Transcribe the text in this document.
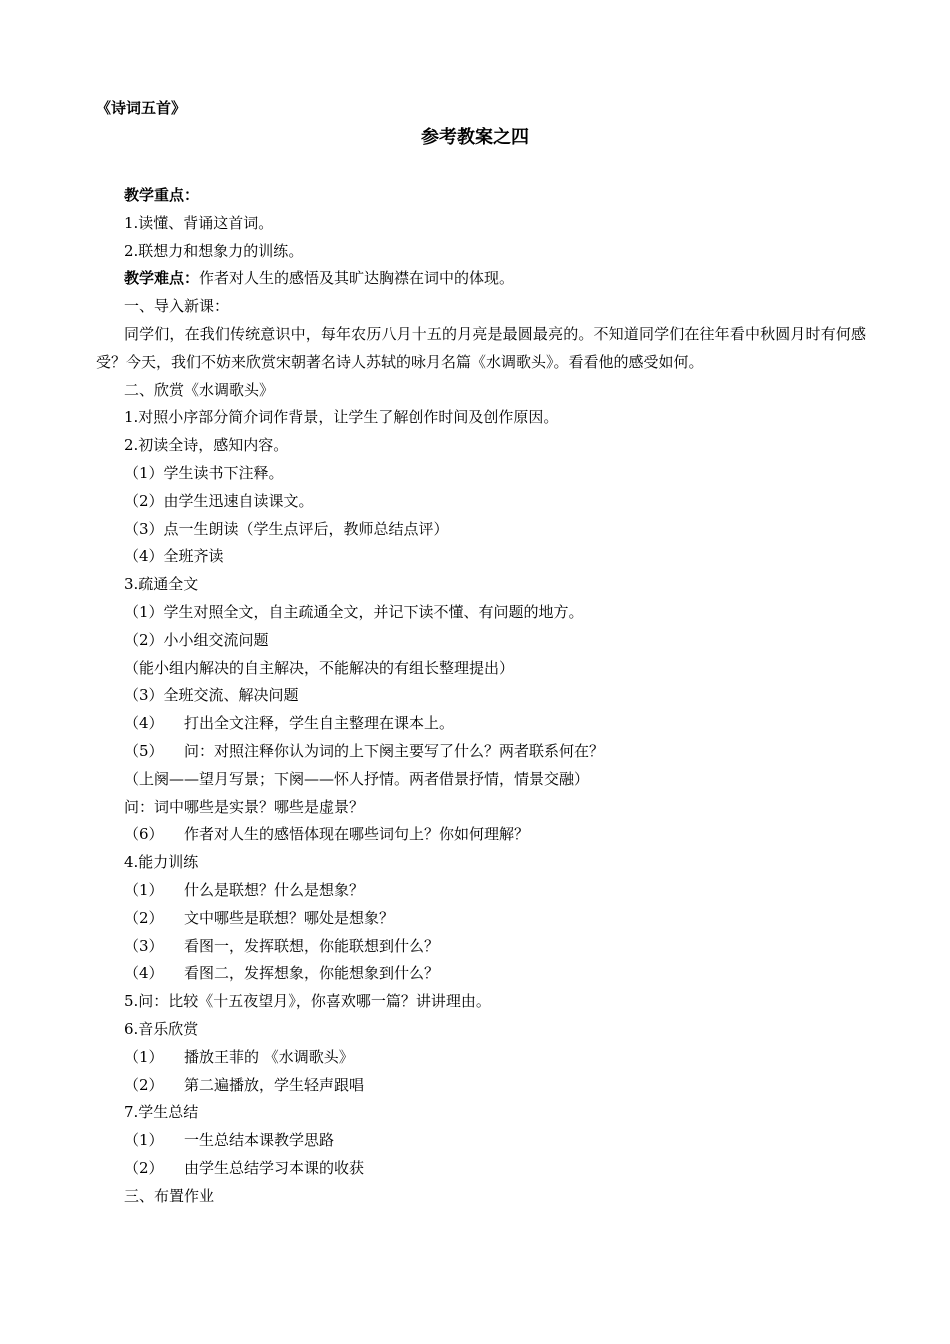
《诗词五首》
参考教案之四
教学重点：
1.读懂、背诵这首词。
2.联想力和想象力的训练。
教学难点：作者对人生的感悟及其旷达胸襟在词中的体现。
一、导入新课：
同学们，在我们传统意识中，每年农历八月十五的月亮是最圆最亮的。不知道同学们在往年看中秋圆月时有何感受？今天，我们不妨来欣赏宋朝著名诗人苏轼的咏月名篇《水调歌头》。看看他的感受如何。
二、欣赏《水调歌头》
1.对照小序部分简介词作背景，让学生了解创作时间及创作原因。
2.初读全诗，感知内容。
（1）学生读书下注释。
（2）由学生迅速自读课文。
（3）点一生朗读（学生点评后，教师总结点评）
（4）全班齐读
3.疏通全文
（1）学生对照全文，自主疏通全文，并记下读不懂、有问题的地方。
（2）小小组交流问题
（能小组内解决的自主解决，不能解决的有组长整理提出）
（3）全班交流、解决问题
（4） 打出全文注释，学生自主整理在课本上。
（5） 问：对照注释你认为词的上下阕主要写了什么？两者联系何在？
（上阕——望月写景；下阕——怀人抒情。两者借景抒情，情景交融）
问：词中哪些是实景？哪些是虚景？
（6） 作者对人生的感悟体现在哪些词句上？你如何理解？
4.能力训练
（1） 什么是联想？什么是想象？
（2） 文中哪些是联想？哪处是想象？
（3） 看图一，发挥联想，你能联想到什么？
（4） 看图二，发挥想象，你能想象到什么？
5.问：比较《十五夜望月》，你喜欢哪一篇？讲讲理由。
6.音乐欣赏
（1） 播放王菲的 《水调歌头》
（2） 第二遍播放，学生轻声跟唱
7.学生总结
（1） 一生总结本课教学思路
（2） 由学生总结学习本课的收获
三、布置作业
